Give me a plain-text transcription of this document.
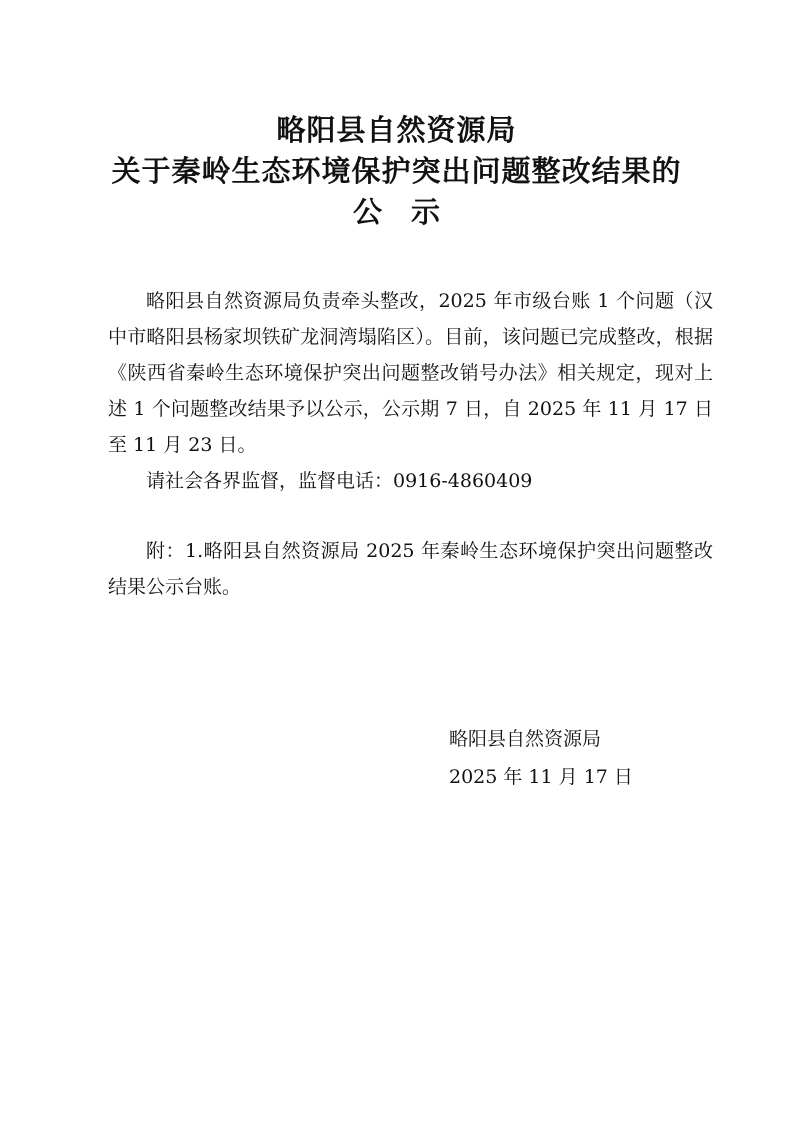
略阳县自然资源局
关于秦岭生态环境保护突出问题整改结果的
公　示

略阳县自然资源局负责牵头整改，2025 年市级台账 1 个问题（汉中市略阳县杨家坝铁矿龙洞湾塌陷区）。目前，该问题已完成整改，根据《陕西省秦岭生态环境保护突出问题整改销号办法》相关规定，现对上述 1 个问题整改结果予以公示，公示期 7 日，自 2025 年 11 月 17 日至 11 月 23 日。

请社会各界监督，监督电话：0916-4860409

附：1.略阳县自然资源局 2025 年秦岭生态环境保护突出问题整改结果公示台账。

略阳县自然资源局
2025 年 11 月 17 日
